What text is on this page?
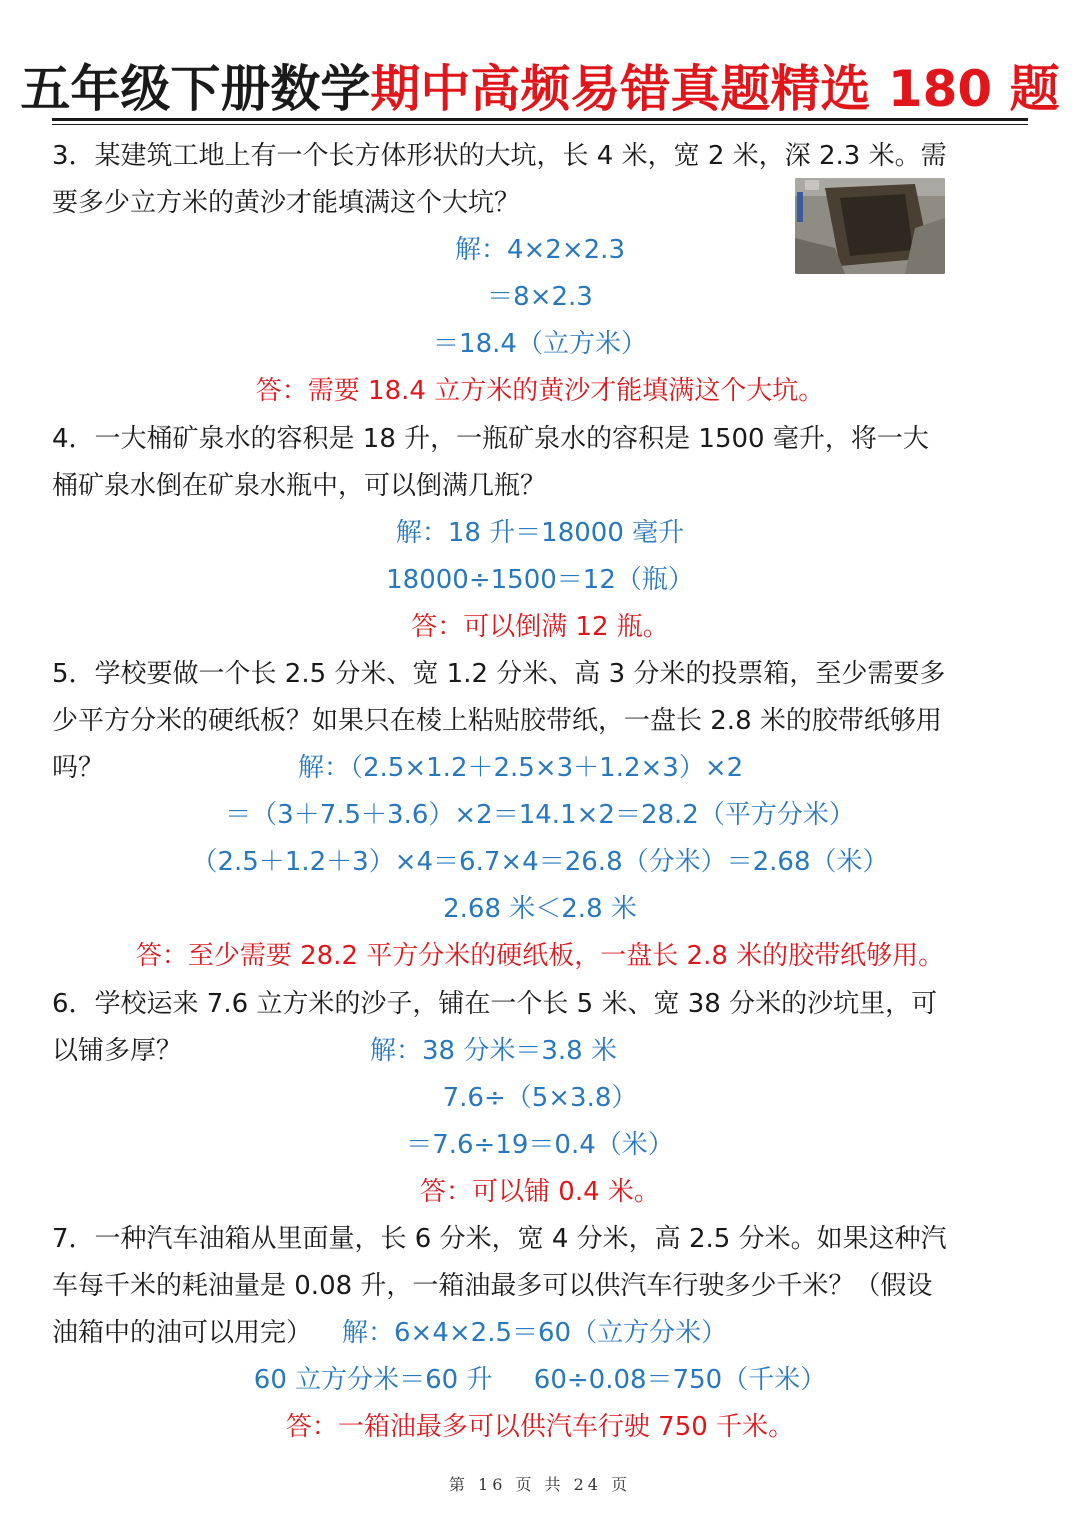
五年级下册数学期中高频易错真题精选 180 题
3．某建筑工地上有一个长方体形状的大坑，长 4 米，宽 2 米，深 2.3 米。需
要多少立方米的黄沙才能填满这个大坑？
解：4×2×2.3
＝8×2.3
＝18.4（立方米）
答：需要 18.4 立方米的黄沙才能填满这个大坑。
4．一大桶矿泉水的容积是 18 升，一瓶矿泉水的容积是 1500 毫升，将一大
桶矿泉水倒在矿泉水瓶中，可以倒满几瓶？
解：18 升＝18000 毫升
18000÷1500＝12（瓶）
答：可以倒满 12 瓶。
5．学校要做一个长 2.5 分米、宽 1.2 分米、高 3 分米的投票箱，至少需要多
少平方分米的硬纸板？如果只在棱上粘贴胶带纸，一盘长 2.8 米的胶带纸够用
吗？	解：（2.5×1.2＋2.5×3＋1.2×3）×2
＝（3＋7.5＋3.6）×2＝14.1×2＝28.2（平方分米）
（2.5＋1.2＋3）×4＝6.7×4＝26.8（分米）＝2.68（米）
2.68 米＜2.8 米
答：至少需要 28.2 平方分米的硬纸板，一盘长 2.8 米的胶带纸够用。
6．学校运来 7.6 立方米的沙子，铺在一个长 5 米、宽 38 分米的沙坑里，可
以铺多厚？	解：38 分米＝3.8 米
7.6÷（5×3.8）
＝7.6÷19＝0.4（米）
答：可以铺 0.4 米。
7．一种汽车油箱从里面量，长 6 分米，宽 4 分米，高 2.5 分米。如果这种汽
车每千米的耗油量是 0.08 升，一箱油最多可以供汽车行驶多少千米？（假设
油箱中的油可以用完） 解：6×4×2.5＝60（立方分米）
60 立方分米＝60 升     60÷0.08＝750（千米）
答：一箱油最多可以供汽车行驶 750 千米。
第 16 页 共 24 页
